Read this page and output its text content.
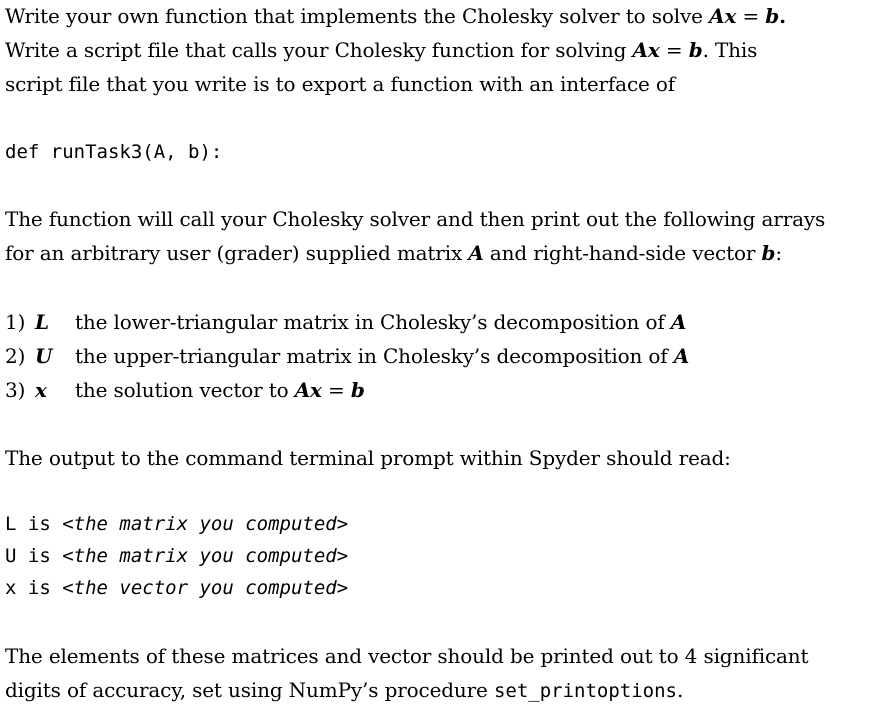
Write your own function that implements the Cholesky solver to solve Ax = b.
Write a script file that calls your Cholesky function for solving Ax = b. This
script file that you write is to export a function with an interface of
def runTask3(A, b):
The function will call your Cholesky solver and then print out the following arrays
for an arbitrary user (grader) supplied matrix A and right-hand-side vector b:
1) L the lower-triangular matrix in Cholesky’s decomposition of A
2) U the upper-triangular matrix in Cholesky’s decomposition of A
3) x the solution vector to Ax = b
The output to the command terminal prompt within Spyder should read:
L is <the matrix you computed>
U is <the matrix you computed>
x is <the vector you computed>
The elements of these matrices and vector should be printed out to 4 significant
digits of accuracy, set using NumPy’s procedure set_printoptions.
